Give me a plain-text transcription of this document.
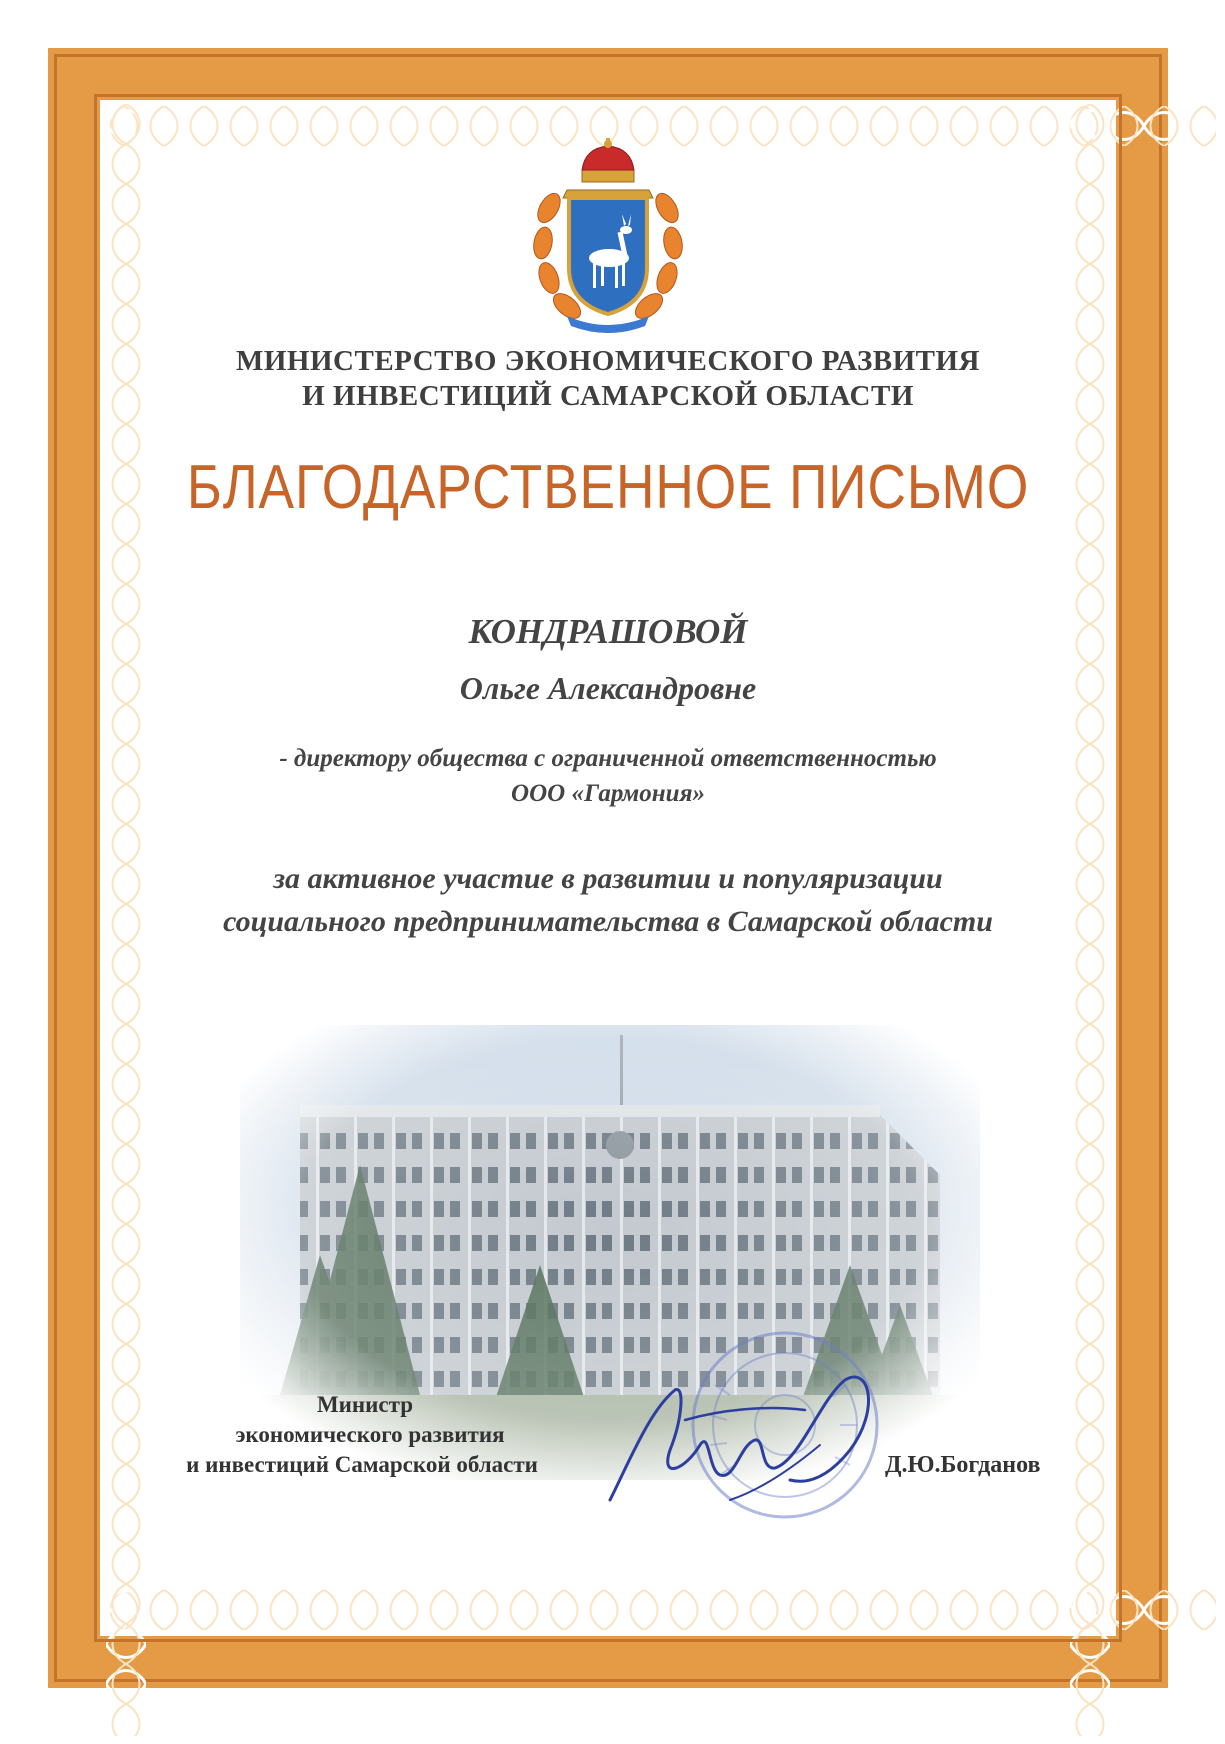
МИНИСТЕРСТВО ЭКОНОМИЧЕСКОГО РАЗВИТИЯ
И ИНВЕСТИЦИЙ САМАРСКОЙ ОБЛАСТИ
БЛАГОДАРСТВЕННОЕ ПИСЬМО
КОНДРАШОВОЙ
Ольге Александровне
- директору общества с ограниченной ответственностью
ООО «Гармония»
за активное участие в развитии и популяризации
социального предпринимательства в Самарской области
Министр
экономического развития
и инвестиций Самарской области	Д.Ю.Богданов
